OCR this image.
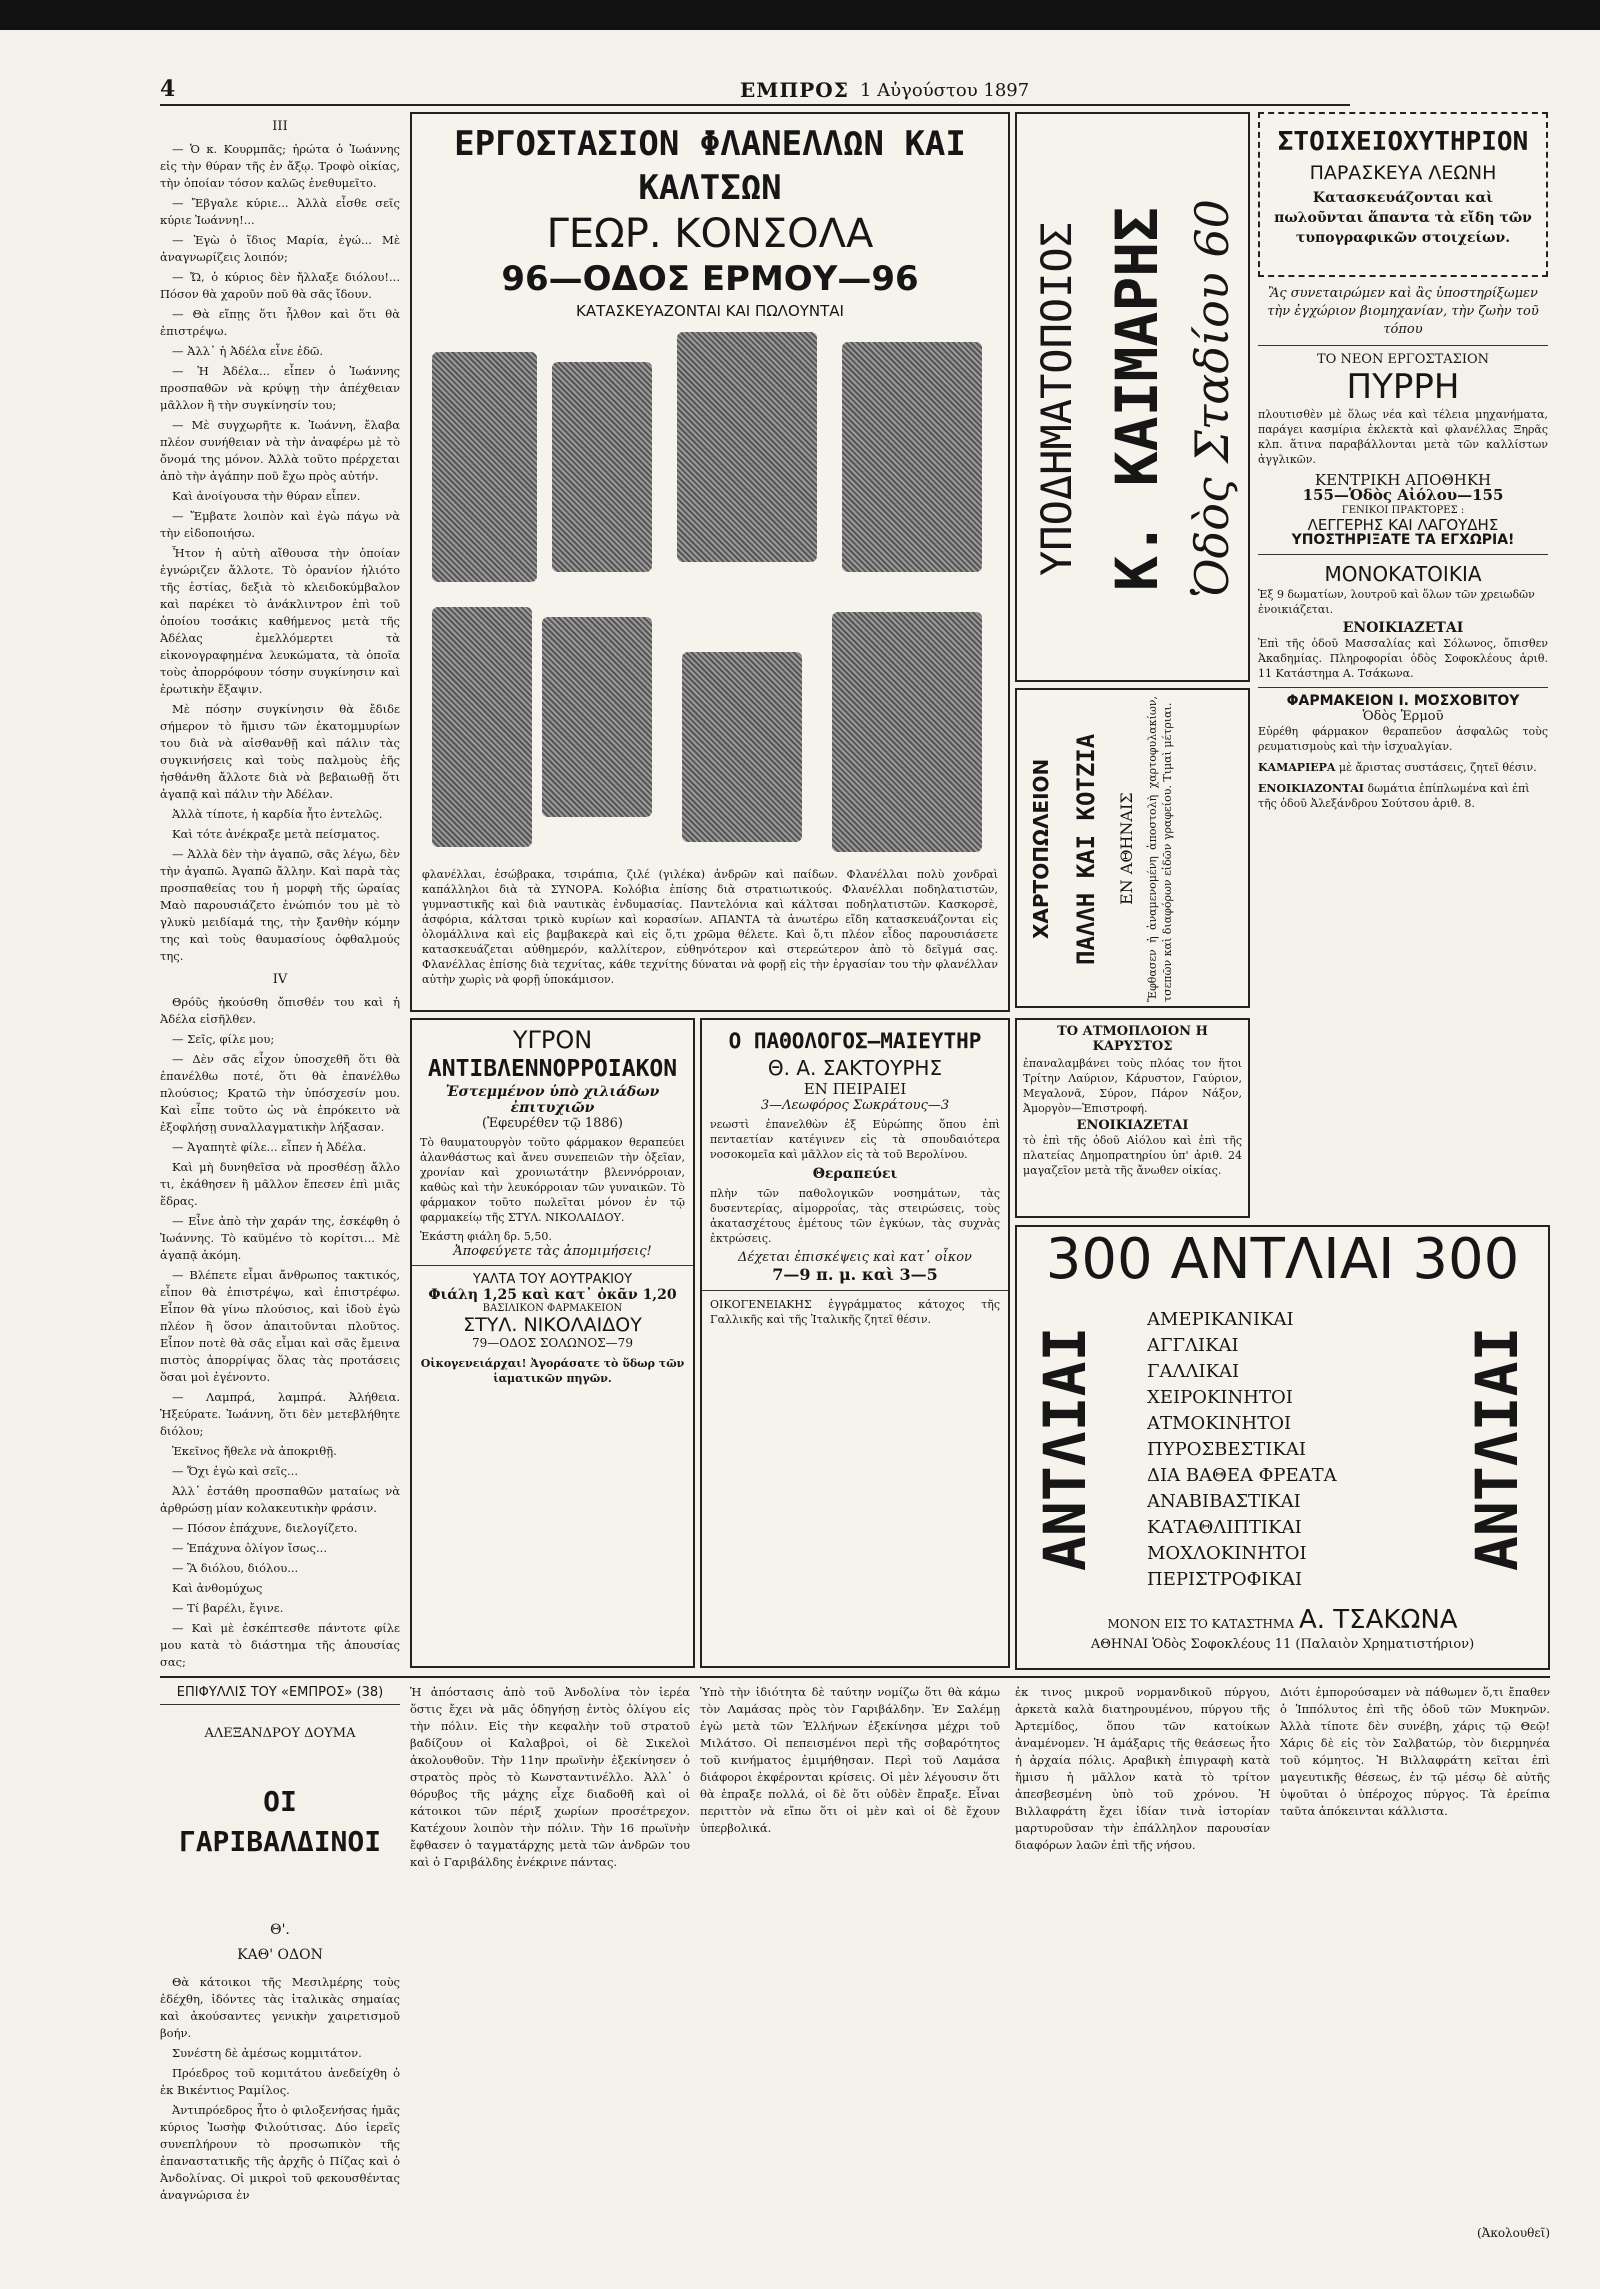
4	ΕΜΠΡΟΣ 1 Αὐγούστου 1897
III

— Ὁ κ. Κουρμπᾶς; ἠρώτα ὁ Ἰωάννης εἰς τὴν θύραν τῆς ἐν ἄξῳ. Τροφὸ οἰκίας, τὴν ὁποίαν τόσον καλῶς ἐνεθυμεῖτο.

— Ἔβγαλε κύριε... Ἀλλὰ εἶσθε σεῖς κύριε Ἰωάννη!...

— Ἐγὼ ὁ ἴδιος Μαρία, ἐγώ... Μὲ ἀναγνωρίζεις λοιπόν;

— Ὤ, ὁ κύριος δὲν ἤλλαξε διόλου!... Πόσον θὰ χαροῦν ποῦ θὰ σᾶς ἴδουν.

— Θὰ εἴπῃς ὅτι ἦλθον καὶ ὅτι θὰ ἐπιστρέψω.

— Ἀλλ᾿ ἡ Ἀδέλα εἶνε ἐδῶ.

— Ἡ Ἀδέλα... εἶπεν ὁ Ἰωάννης προσπαθῶν νὰ κρύψῃ τὴν ἀπέχθειαν μᾶλλον ἢ τὴν συγκίνησίν του;

— Μὲ συγχωρῆτε κ. Ἰωάννη, ἔλαβα πλέον συνήθειαν νὰ τὴν ἀναφέρω μὲ τὸ ὄνομά της μόνον. Ἀλλὰ τοῦτο πρέρχεται ἀπὸ τὴν ἀγάπην ποῦ ἔχω πρὸς αὐτήν.

Καὶ ἀνοίγουσα τὴν θύραν εἶπεν.

— Ἔμβατε λοιπὸν καὶ ἐγὼ πάγω νὰ τὴν εἰδοποιήσω.

Ἦτον ἡ αὐτὴ αἴθουσα τὴν ὁποίαν ἐγνώριζεν ἄλλοτε. Τὸ ὀρανίον ἠλιότο τῆς ἑστίας, δεξιὰ τὸ κλειδοκύμβαλον καὶ παρέκει τὸ ἀνάκλιντρον ἐπὶ τοῦ ὁποίου τοσάκις καθήμενος μετὰ τῆς Ἀδέλας ἐμελλόμερτει τὰ εἰκονογραφημένα λευκώματα, τὰ ὁποῖα τοὺς ἀπορρόφουν τόσην συγκίνησιν καὶ ἐρωτικὴν ἔξαψιν.

Μὲ πόσην συγκίνησιν θὰ ἔδιδε σήμερον τὸ ἥμισυ τῶν ἑκατομμυρίων του διὰ νὰ αἰσθανθῇ καὶ πάλιν τὰς συγκινήσεις καὶ τοὺς παλμοὺς ἐῆς ἠσθάνθη ἄλλοτε διὰ νὰ βεβαιωθῇ ὅτι ἀγαπᾷ καὶ πάλιν τὴν Ἀδέλαν.

Ἀλλὰ τίποτε, ἡ καρδία ἦτο ἐντελῶς.

Καὶ τότε ἀνέκραξε μετὰ πείσματος.

— Ἀλλὰ δὲν τὴν ἀγαπῶ, σᾶς λέγω, δὲν τὴν ἀγαπῶ. Ἀγαπῶ ἄλλην. Καὶ παρὰ τὰς προσπαθείας του ἡ μορφὴ τῆς ὡραίας Μαὸ παρουσιάζετο ἐνώπιόν του μὲ τὸ γλυκὺ μειδίαμά της, τὴν ξανθὴν κόμην της καὶ τοὺς θαυμασίους ὀφθαλμούς της.

IV

Θρόῦς ἠκούσθη ὄπισθέν του καὶ ἡ Ἀδέλα εἰσῆλθεν.

— Σεῖς, φίλε μου;

— Δὲν σᾶς εἶχον ὑποσχεθῆ ὅτι θὰ ἐπανέλθω ποτέ, ὅτι θὰ ἐπανέλθω πλούσιος; Κρατῶ τὴν ὑπόσχεσίν μου. Καὶ εἶπε τοῦτο ὡς νὰ ἐπρόκειτο νὰ ἐξοφλήσῃ συναλλαγματικὴν λήξασαν.

— Ἀγαπητὲ φίλε... εἶπεν ἡ Ἀδέλα.

Καὶ μὴ δυνηθεῖσα νὰ προσθέσῃ ἄλλο τι, ἐκάθησεν ἢ μᾶλλον ἔπεσεν ἐπὶ μιᾶς ἕδρας.

— Εἶνε ἀπὸ τὴν χαράν της, ἐσκέφθη ὁ Ἰωάννης. Τὸ καϋμένο τὸ κορίτσι... Μὲ ἀγαπᾷ ἀκόμη.

— Βλέπετε εἶμαι ἄνθρωπος τακτικός, εἶπον θὰ ἐπιστρέψω, καὶ ἐπιστρέφω. Εἶπον θὰ γίνω πλούσιος, καὶ ἰδοὺ ἐγὼ πλέον ἢ ὅσον ἀπαιτοῦνται πλοῦτος. Εἶπον ποτὲ θὰ σᾶς εἶμαι καὶ σᾶς ἔμεινα πιστὸς ἀπορρίψας ὅλας τὰς προτάσεις ὅσαι μοὶ ἐγένοντο.

— Λαμπρά, λαμπρά. Ἀλήθεια. Ἡξεύρατε. Ἰωάννη, ὅτι δὲν μετεβλήθητε διόλου;

Ἐκεῖνος ἤθελε νὰ ἀποκριθῇ.

— Ὄχι ἐγὼ καὶ σεῖς...

Ἀλλ᾿ ἐστάθη προσπαθῶν ματαίως νὰ ἀρθρώσῃ μίαν κολακευτικὴν φράσιν.

— Πόσον ἐπάχυνε, διελογίζετο.

— Ἐπάχυνα ὀλίγον ἴσως...

— Ἂ διόλου, διόλου...

Καὶ ἀνθομύχως

— Τί βαρέλι, ἔγινε.

— Καὶ μὲ ἐσκέπτεσθε πάντοτε φίλε μου κατὰ τὸ διάστημα τῆς ἀπουσίας σας;

ΕΡΓΟΣΤΑΣΙΟΝ ΦΛΑΝΕΛΛΩΝ ΚΑΙ ΚΑΛΤΣΩΝ
ΓΕΩΡ. ΚΟΝΣΟΛΑ
96—ΟΔΟΣ ΕΡΜΟΥ—96
ΚΑΤΑΣΚΕΥΑΖΟΝΤΑΙ ΚΑΙ ΠΩΛΟΥΝΤΑΙ
φλανέλλαι, ἐσώβρακα, τσιράπια, ζιλέ (γιλέκα) ἀνδρῶν καὶ παίδων. Φλανέλλαι πολὺ χονδραὶ καπάλληλοι διὰ τὰ ΣΥΝΟΡΑ. Κολόβια ἐπίσης διὰ στρατιωτικούς. Φλανέλλαι ποδηλατιστῶν, γυμναστικῆς καὶ διὰ ναυτικὰς ἐνδυμασίας. Παντελόνια καὶ κάλτσαι ποδηλατιστῶν. Κασκορσὲ, ἀσφόρια, κάλτσαι τρικὸ κυρίων καὶ κορασίων. ΑΠΑΝΤΑ τὰ ἀνωτέρω εἴδη κατασκευάζονται εἰς ὁλομάλλινα καὶ εἰς βαμβακερὰ καὶ εἰς ὅ,τι χρῶμα θέλετε. Καὶ ὅ,τι πλέον εἶδος παρουσιάσετε κατασκευάζεται αὐθημερόν, καλλίτερον, εὐθηνότερον καὶ στερεώτερον ἀπὸ τὸ δεῖγμά σας. Φλανέλλας ἐπίσης διὰ τεχνίτας, κάθε τεχνίτης δύναται νὰ φορῇ εἰς τὴν ἐργασίαν του τὴν φλανέλλαν αὐτὴν χωρὶς νὰ φορῇ ὑποκάμισον.
ΥΠΟΔΗΜΑΤΟΠΟΙΟΣ Κ. ΚΑΙΜΑΡΗΣ Ὁδὸς Σταδίου 60
ΧΑΡΤΟΠΩΛΕΙΟΝ ΠΑΛΛΗ ΚΑΙ ΚΟΤΖΙΑ	ΕΝ ΑΘΗΝΑΙΣ Ἔφθασεν ἡ ἀναμενομένη ἀποστολὴ χαρτοφυλακίων, τσεπῶν καὶ διαφόρων εἰδῶν γραφείου. Τιμαὶ μέτριαι.
ΣΤΟΙΧΕΙΟΧΥΤΗΡΙΟΝ
ΠΑΡΑΣΚΕΥΑ ΛΕΩΝΗ
Κατασκευάζονται καὶ πωλοῦνται ἅπαντα τὰ εἴδη τῶν τυπογραφικῶν στοιχείων.
Ἂς συνεταιρώμεν καὶ ἂς ὑποστηρίξωμεν τὴν ἐγχώριον βιομηχανίαν, τὴν ζωὴν τοῦ τόπου
ΤΟ ΝΕΟΝ ΕΡΓΟΣΤΑΣΙΟΝ
ΠΥΡΡΗ
πλουτισθὲν μὲ ὅλως νέα καὶ τέλεια μηχανήματα, παράγει κασμίρια ἐκλεκτὰ καὶ φλανέλλας Ξηρᾶς κλπ. ἅτινα παραβάλλονται μετὰ τῶν καλλίστων ἀγγλικῶν.
ΚΕΝΤΡΙΚΗ ΑΠΟΘΗΚΗ
155—Ὁδὸς Αἰόλου—155
ΓΕΝΙΚΟΙ ΠΡΑΚΤΟΡΕΣ :
ΛΕΓΓΕΡΗΣ ΚΑΙ ΛΑΓΟΥΔΗΣ
ΥΠΟΣΤΗΡΙΞΑΤΕ ΤΑ ΕΓΧΩΡΙΑ!
ΜΟΝΟΚΑΤΟΙΚΙΑ
Ἐξ 9 δωματίων, λουτροῦ καὶ ὅλων τῶν χρειωδῶν ἐνοικιάζεται.
ΕΝΟΙΚΙΑΖΕΤΑΙ
Ἐπὶ τῆς ὁδοῦ Μασσαλίας καὶ Σόλωνος, ὄπισθεν Ἀκαδημίας. Πληροφορίαι ὁδὸς Σοφοκλέους ἀριθ. 11 Κατάστημα Α. Τσάκωνα.
ΦΑΡΜΑΚΕΙΟΝ Ι. ΜΟΣΧΟΒΙΤΟΥ
Ὁδὸς Ἑρμοῦ
Εὑρέθη φάρμακον θεραπεῦον ἀσφαλῶς τοὺς ρευματισμοὺς καὶ τὴν ἰσχυαλγίαν.
ΚΑΜΑΡΙΕΡΑ μὲ ἄριστας συστάσεις, ζητεῖ θέσιν.
ΕΝΟΙΚΙΑΖΟΝΤΑΙ δωμάτια ἐπίπλωμένα καὶ ἐπὶ τῆς ὁδοῦ Ἀλεξάνδρου Σούτσου ἀριθ. 8.
ΥΓΡΟΝ
ΑΝΤΙΒΛΕΝΝΟΡΡΟΙΑΚΟΝ
Ἐστεμμένον ὑπὸ χιλιάδων ἐπιτυχιῶν
(Ἐφευρέθεν τῷ 1886)
Τὸ θαυματουργὸν τοῦτο φάρμακον θεραπεύει ἀλανθάστως καὶ ἄνευ συνεπειῶν τὴν ὀξεῖαν, χρονίαν καὶ χρονιωτάτην βλεννόρροιαν, καθὼς καὶ τὴν λευκόρροιαν τῶν γυναικῶν. Τὸ φάρμακον τοῦτο πωλεῖται μόνον ἐν τῷ φαρμακείῳ τῆς ΣΤΥΛ. ΝΙΚΟΛΑΙΔΟΥ.
Ἑκάστη φιάλη δρ. 5,50.
Ἀποφεύγετε τὰς ἀπομιμήσεις!
ΥΑΛΤΑ ΤΟΥ ΑΟΥΤΡΑΚΙΟΥ
Φιάλη 1,25 καὶ κατ᾿ ὀκᾶν 1,20
ΒΑΣΙΛΙΚΟΝ ΦΑΡΜΑΚΕΙΟΝ
ΣΤΥΛ. ΝΙΚΟΛΑΙΔΟΥ
79—ΟΔΟΣ ΣΟΛΩΝΟΣ—79
Οἰκογενειάρχαι! Ἀγοράσατε τὸ ὕδωρ τῶν ἱαματικῶν πηγῶν.
Ο ΠΑΘΟΛΟΓΟΣ—ΜΑΙΕΥΤΗΡ
Θ. Α. ΣΑΚΤΟΥΡΗΣ
ΕΝ ΠΕΙΡΑΙΕΙ
3—Λεωφόρος Σωκράτους—3
νεωστὶ ἐπανελθὼν ἐξ Εὐρώπης ὅπου ἐπὶ πενταετίαν κατέγινεν εἰς τὰ σπουδαιότερα νοσοκομεῖα καὶ μᾶλλον εἰς τὰ τοῦ Βερολίνου.
Θεραπεύει
πλὴν τῶν παθολογικῶν νοσημάτων, τὰς δυσεντερίας, αἱμορροΐας, τὰς στειρώσεις, τοὺς ἀκατασχέτους ἐμέτους τῶν ἐγκύων, τὰς συχνὰς ἐκτρώσεις.
Δέχεται ἐπισκέψεις καὶ κατ᾿ οἶκον
7—9 π. μ. καὶ 3—5
ΟΙΚΟΓΕΝΕΙΑΚΗΣ ἐγγράμματος κάτοχος τῆς Γαλλικῆς καὶ τῆς Ἰταλικῆς ζητεῖ θέσιν.
ΤΟ ΑΤΜΟΠΛΟΙΟΝ Η ΚΑΡΥΣΤΟΣ
ἐπαναλαμβάνει τοὺς πλόας τον ἥτοι Τρίτην Λαύριον, Κάρυστον, Γαύριον, Μεγαλονᾶ, Σύρον, Πάρον Νάξον, Ἀμοργὸν—Ἐπιστροφή.
ΕΝΟΙΚΙΑΖΕΤΑΙ
τὸ ἐπὶ τῆς ὁδοῦ Αἰόλου καὶ ἐπὶ τῆς πλατείας Δημοπρατηρίου ὑπ' ἀριθ. 24 μαγαζεῖον μετὰ τῆς ἄνωθεν οἰκίας.
300 ΑΝΤΛΙΑΙ 300
ΑΝΤΛΙΑΙ	ΑΝΤΛΙΑΙ
ΑΜΕΡΙΚΑΝΙΚΑΙ
ΑΓΓΛΙΚΑΙ
ΓΑΛΛΙΚΑΙ
ΧΕΙΡΟΚΙΝΗΤΟΙ
ΑΤΜΟΚΙΝΗΤΟΙ
ΠΥΡΟΣΒΕΣΤΙΚΑΙ
ΔΙΑ ΒΑΘΕΑ ΦΡΕΑΤΑ
ΑΝΑΒΙΒΑΣΤΙΚΑΙ
ΚΑΤΑΘΛΙΠΤΙΚΑΙ
ΜΟΧΛΟΚΙΝΗΤΟΙ
ΠΕΡΙΣΤΡΟΦΙΚΑΙ
ΜΟΝΟΝ ΕΙΣ ΤΟ ΚΑΤΑΣΤΗΜΑ Α. ΤΣΑΚΩΝΑ
ΑΘΗΝΑΙ Ὁδὸς Σοφοκλέους 11 (Παλαιὸν Χρηματιστήριον)
ΕΠΙΦΥΛΛΙΣ ΤΟΥ «ΕΜΠΡΟΣ» (38)
ΑΛΕΞΑΝΔΡΟΥ ΔΟΥΜΑ
ΟΙ ΓΑΡΙΒΑΛΔΙΝΟΙ
Θ'.
ΚΑΘ' ΟΔΟΝ

Θὰ κάτοικοι τῆς Μεσιλμέρης τοὺς ἐδέχθη, ἰδόντες τὰς ἰταλικὰς σημαίας καὶ ἀκούσαντες γενικὴν χαιρετισμοῦ βοήν.

Συνέστη δὲ ἀμέσως κομμιτάτον.

Πρόεδρος τοῦ κομιτάτου ἀνεδείχθη ὁ ἐκ Βικέντιος Ραμίλος.

Ἀντιπρόεδρος ἦτο ὁ φιλοξενήσας ἡμᾶς κύριος Ἰωσὴφ Φιλούτισας. Δύο ἱερεῖς συνεπλήρουν τὸ προσωπικὸν τῆς ἐπαναστατικῆς τῆς ἀρχῆς ὁ Πίζας καὶ ὁ Ἀνδολίνας. Οἱ μικροὶ τοῦ φεκουσθέντας ἀναγνώρισα ἐν

Ἡ ἀπόστασις ἀπὸ τοῦ Ἀνδολίνα τὸν ἱερέα ὅστις ἔχει νὰ μᾶς ὁδηγήσῃ ἐντὸς ὀλίγου εἰς τὴν πόλιν. Εἰς τὴν κεφαλὴν τοῦ στρατοῦ βαδίζουν οἱ Καλαβροὶ, οἱ δὲ Σικελοὶ ἀκολουθοῦν. Τὴν 11ην πρωϊνὴν ἐξεκίνησεν ὁ στρατὸς πρὸς τὸ Κωνσταντινέλλο. Ἀλλ᾿ ὁ θόρυβος τῆς μάχης εἶχε διαδοθῆ καὶ οἱ κάτοικοι τῶν πέριξ χωρίων προσέτρεχον. Κατέχουν λοιπὸν τὴν πόλιν. Τὴν 16 πρωϊνὴν ἔφθασεν ὁ ταγματάρχης μετὰ τῶν ἀνδρῶν του καὶ ὁ Γαριβάλδης ἐνέκρινε πάντας.
Ὑπὸ τὴν ἰδιότητα δὲ ταύτην νομίζω ὅτι θὰ κάμω τὸν Λαμάσας πρὸς τὸν Γαριβάλδην. Ἐν Σαλέμῃ ἐγὼ μετὰ τῶν Ἑλλήνων ἐξεκίνησα μέχρι τοῦ Μιλάτσο. Οἱ πεπεισμένοι περὶ τῆς σοβαρότητος τοῦ κινήματος ἐμιμήθησαν. Περὶ τοῦ Λαμάσα διάφοροι ἐκφέρονται κρίσεις. Οἱ μὲν λέγουσιν ὅτι θὰ ἐπραξε πολλά, οἱ δὲ ὅτι οὐδὲν ἔπραξε. Εἶναι περιττὸν νὰ εἴπω ὅτι οἱ μὲν καὶ οἱ δὲ ἔχουν ὑπερβολικά.
ἐκ τινος μικροῦ νορμανδικοῦ πύργου, ἀρκετὰ καλὰ διατηρουμένου, πύργου τῆς Ἀρτεμίδος, ὅπου τῶν κατοίκων ἀναμένομεν. Ἡ ἀμάξαρις τῆς θεάσεως ἦτο ἡ ἀρχαία πόλις. Αραβικὴ ἐπιγραφὴ κατὰ ἥμισυ ἡ μᾶλλον κατὰ τὸ τρίτον ἀπεσβεσμένη ὑπὸ τοῦ χρόνου. Ἡ Βιλλαφράτη ἔχει ἰδίαν τινὰ ἱστορίαν μαρτυροῦσαν τὴν ἐπάλληλον παρουσίαν διαφόρων λαῶν ἐπὶ τῆς νήσου.
Διότι ἐμπορούσαμεν νὰ πάθωμεν ὅ,τι ἔπαθεν ὁ Ἱππόλυτος ἐπὶ τῆς ὁδοῦ τῶν Μυκηνῶν. Ἀλλὰ τίποτε δὲν συνέβη, χάρις τῷ Θεῷ! Χάρις δὲ εἰς τὸν Σαλβατώρ, τὸν διερμηνέα τοῦ κόμητος. Ἡ Βιλλαφράτη κεῖται ἐπὶ μαγευτικῆς θέσεως, ἐν τῷ μέσῳ δὲ αὐτῆς ὑψοῦται ὁ ὑπέροχος πύργος. Τὰ ἐρείπια ταῦτα ἀπόκεινται κάλλιστα.
(Ἀκολουθεῖ)
